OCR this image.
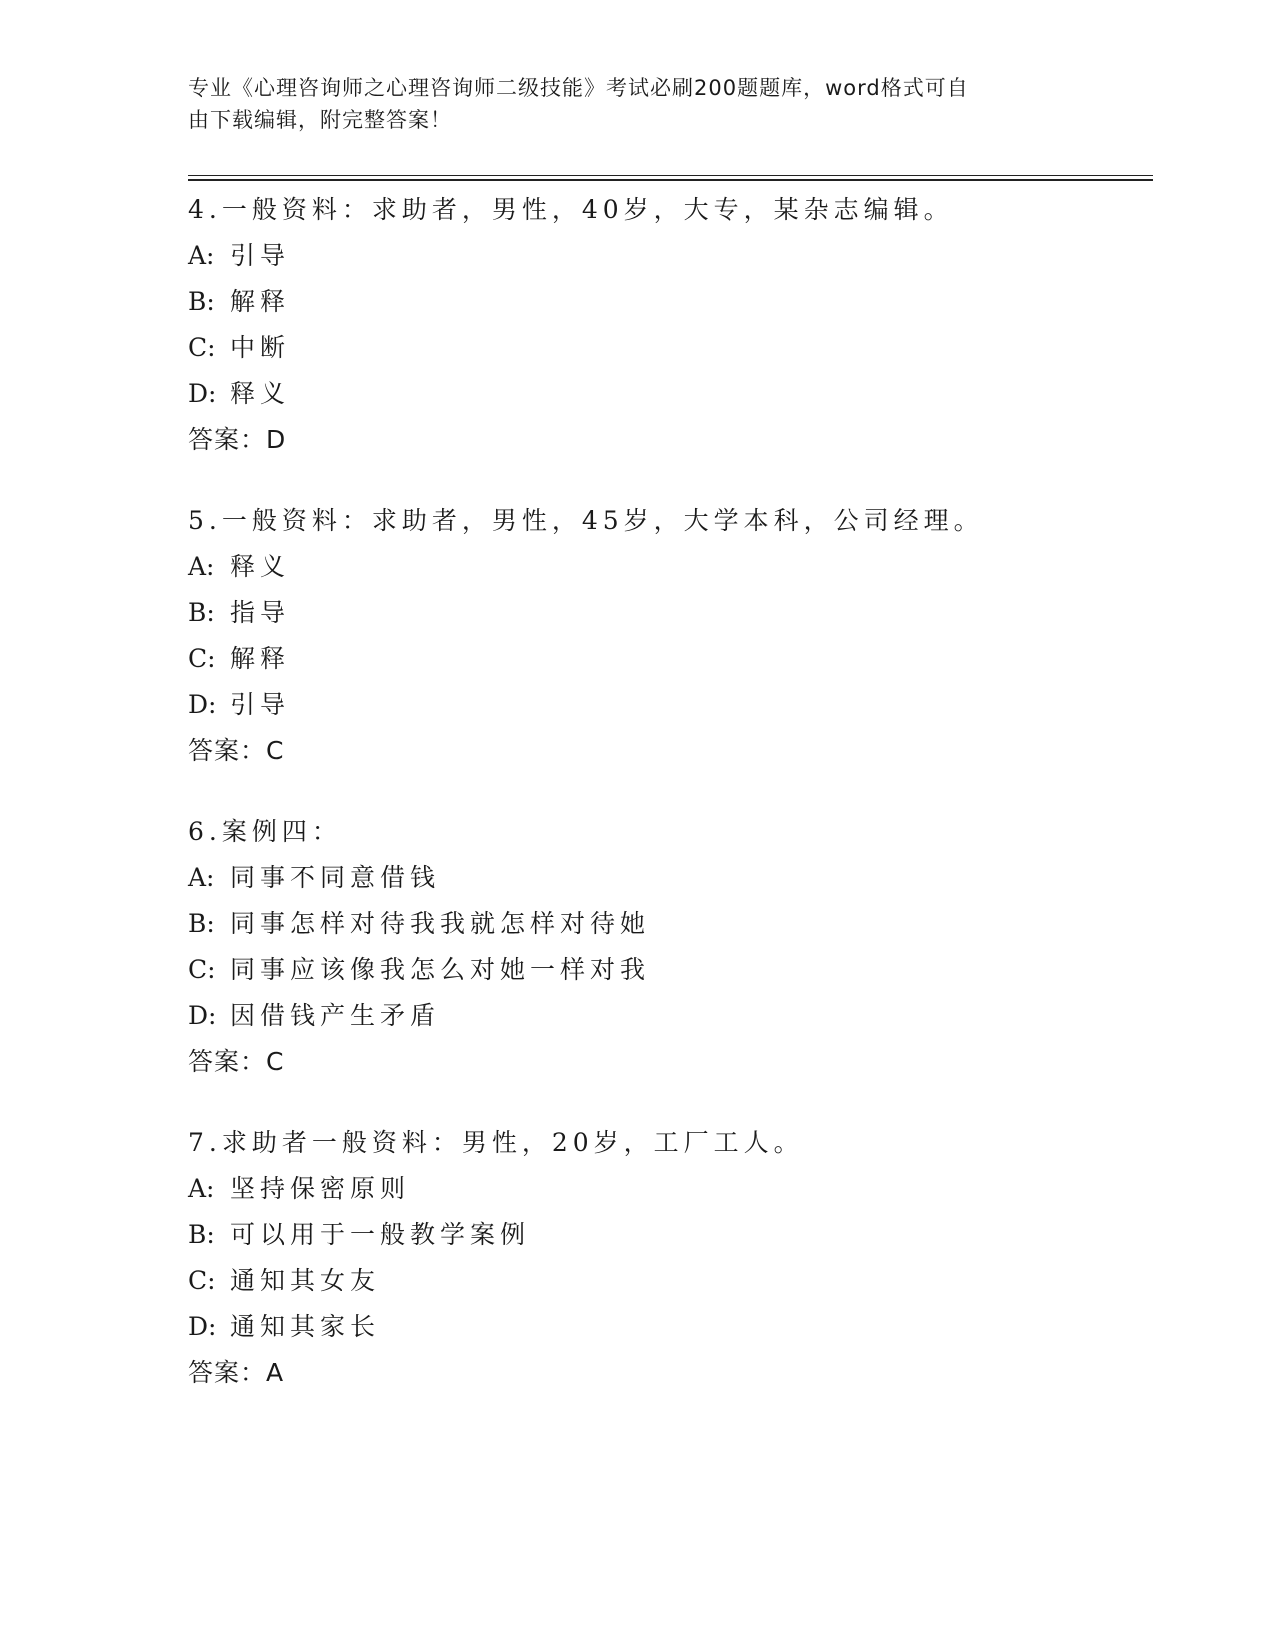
专业《心理咨询师之心理咨询师二级技能》考试必刷200题题库，word格式可自
由下载编辑，附完整答案！
4.一般资料：求助者，男性，40岁，大专，某杂志编辑。
A: 引导
B: 解释
C: 中断
D: 释义
答案：D
5.一般资料：求助者，男性，45岁，大学本科，公司经理。
A: 释义
B: 指导
C: 解释
D: 引导
答案：C
6.案例四：
A: 同事不同意借钱
B: 同事怎样对待我我就怎样对待她
C: 同事应该像我怎么对她一样对我
D: 因借钱产生矛盾
答案：C
7.求助者一般资料：男性，20岁，工厂工人。
A: 坚持保密原则
B: 可以用于一般教学案例
C: 通知其女友
D: 通知其家长
答案：A
